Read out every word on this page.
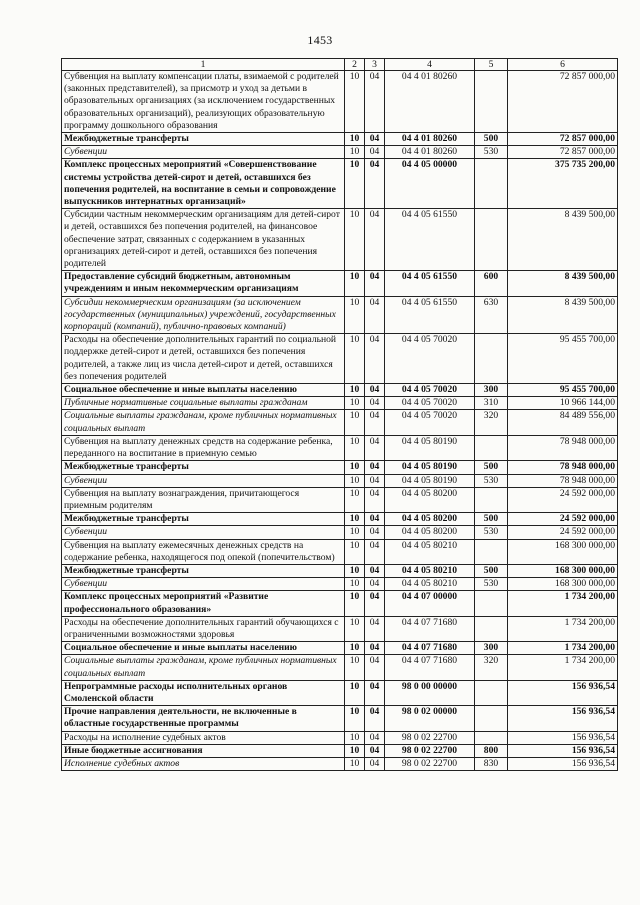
1453
1	2	3	4	5	6
Субвенция на выплату компенсации платы, взимаемой с родителей (законных представителей), за присмотр и уход за детьми в образовательных организациях (за исключением государственных образовательных организаций), реализующих образовательную программу дошкольного образования	10	04	04 4 01 80260		72 857 000,00
Межбюджетные трансферты	10	04	04 4 01 80260	500	72 857 000,00
Субвенции	10	04	04 4 01 80260	530	72 857 000,00
Комплекс процессных мероприятий «Совершенствование системы устройства детей-сирот и детей, оставшихся без попечения родителей, на воспитание в семьи и сопровождение выпускников интернатных организаций»	10	04	04 4 05 00000		375 735 200,00
Субсидии частным некоммерческим организациям для детей-сирот и детей, оставшихся без попечения родителей, на финансовое обеспечение затрат, связанных с содержанием в указанных организациях детей-сирот и детей, оставшихся без попечения родителей	10	04	04 4 05 61550		8 439 500,00
Предоставление субсидий бюджетным, автономным учреждениям и иным некоммерческим организациям	10	04	04 4 05 61550	600	8 439 500,00
Субсидии некоммерческим организациям (за исключением государственных (муниципальных) учреждений, государственных корпораций (компаний), публично-правовых компаний)	10	04	04 4 05 61550	630	8 439 500,00
Расходы на обеспечение дополнительных гарантий по социальной поддержке детей-сирот и детей, оставшихся без попечения родителей, а также лиц из числа детей-сирот и детей, оставшихся без попечения родителей	10	04	04 4 05 70020		95 455 700,00
Социальное обеспечение и иные выплаты населению	10	04	04 4 05 70020	300	95 455 700,00
Публичные нормативные социальные выплаты гражданам	10	04	04 4 05 70020	310	10 966 144,00
Социальные выплаты гражданам, кроме публичных нормативных социальных выплат	10	04	04 4 05 70020	320	84 489 556,00
Субвенция на выплату денежных средств на содержание ребенка, переданного на воспитание в приемную семью	10	04	04 4 05 80190		78 948 000,00
Межбюджетные трансферты	10	04	04 4 05 80190	500	78 948 000,00
Субвенции	10	04	04 4 05 80190	530	78 948 000,00
Субвенция на выплату вознаграждения, причитающегося приемным родителям	10	04	04 4 05 80200		24 592 000,00
Межбюджетные трансферты	10	04	04 4 05 80200	500	24 592 000,00
Субвенции	10	04	04 4 05 80200	530	24 592 000,00
Субвенция на выплату ежемесячных денежных средств на содержание ребенка, находящегося под опекой (попечительством)	10	04	04 4 05 80210		168 300 000,00
Межбюджетные трансферты	10	04	04 4 05 80210	500	168 300 000,00
Субвенции	10	04	04 4 05 80210	530	168 300 000,00
Комплекс процессных мероприятий «Развитие профессионального образования»	10	04	04 4 07 00000		1 734 200,00
Расходы на обеспечение дополнительных гарантий обучающихся с ограниченными возможностями здоровья	10	04	04 4 07 71680		1 734 200,00
Социальное обеспечение и иные выплаты населению	10	04	04 4 07 71680	300	1 734 200,00
Социальные выплаты гражданам, кроме публичных нормативных социальных выплат	10	04	04 4 07 71680	320	1 734 200,00
Непрограммные расходы исполнительных органов Смоленской области	10	04	98 0 00 00000		156 936,54
Прочие направления деятельности, не включенные в областные государственные программы	10	04	98 0 02 00000		156 936,54
Расходы на исполнение судебных актов	10	04	98 0 02 22700		156 936,54
Иные бюджетные ассигнования	10	04	98 0 02 22700	800	156 936,54
Исполнение судебных актов	10	04	98 0 02 22700	830	156 936,54
